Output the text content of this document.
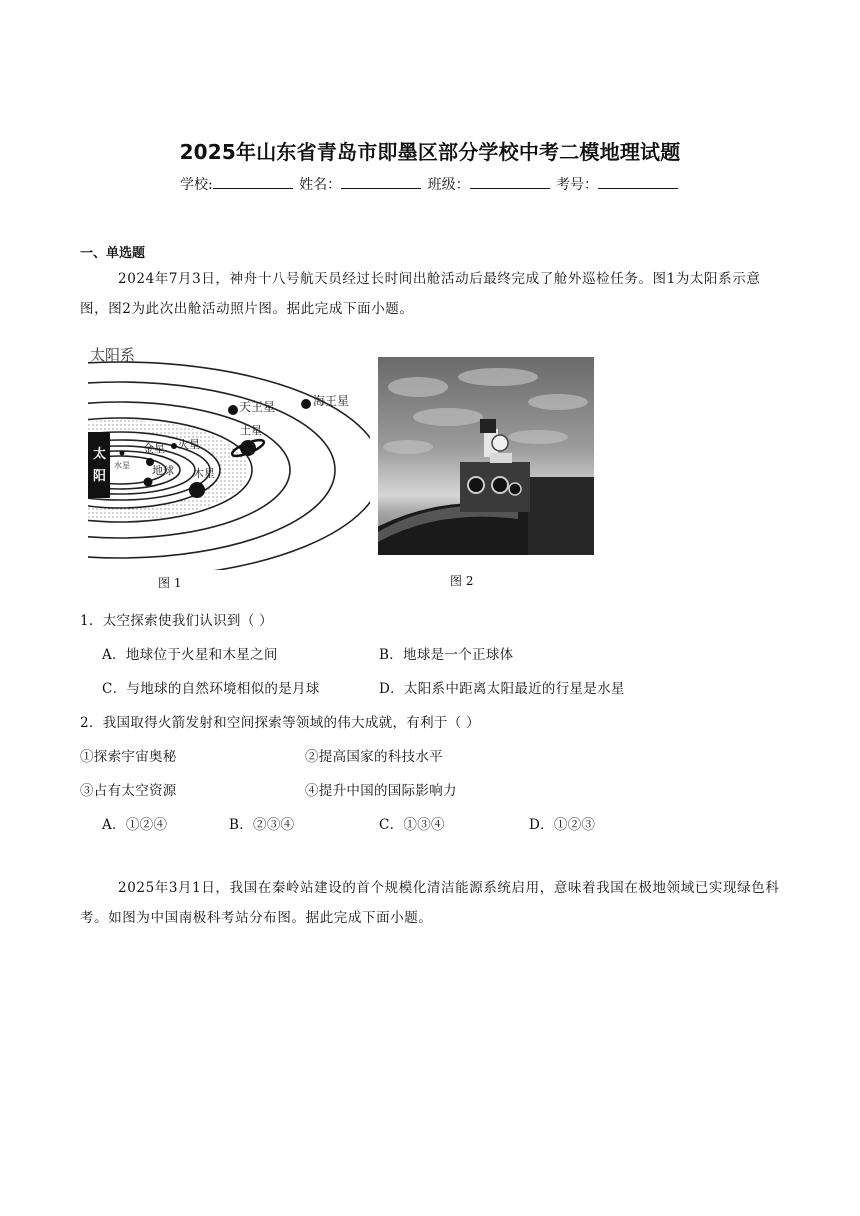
2025年山东省青岛市即墨区部分学校中考二模地理试题
学校:	姓名：	班级：	考号：
一、单选题
2024年7月3日，神舟十八号航天员经过长时间出舱活动后最终完成了舱外巡检任务。图1为太阳系示意图，图2为此次出舱活动照片图。据此完成下面小题。
太阳系
太
阳
水星
金星
地球
火星
木星
土星
天王星	海王星
图 1	图 2
1．太空探索使我们认识到（ ）
A．地球位于火星和木星之间	B．地球是一个正球体
C．与地球的自然环境相似的是月球	D．太阳系中距离太阳最近的行星是水星
2．我国取得火箭发射和空间探索等领域的伟大成就，有利于（ ）
①探索宇宙奥秘	②提高国家的科技水平
③占有太空资源	④提升中国的国际影响力
A．①②④	B．②③④	C．①③④	D．①②③
2025年3月1日，我国在秦岭站建设的首个规模化清洁能源系统启用，意味着我国在极地领域已实现绿色科考。如图为中国南极科考站分布图。据此完成下面小题。
